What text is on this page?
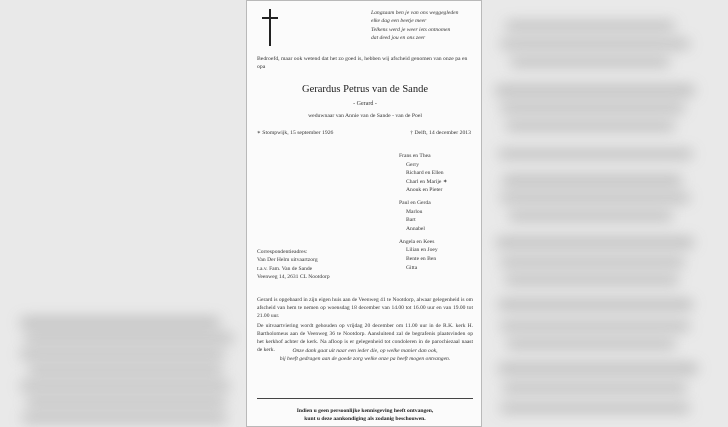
Langzaam ben je van ons weggegleden
elke dag een beetje meer
Telkens werd je weer iets ontnomen
dat deed jou en ons zeer
Bedroefd, maar ook wetend dat het zo goed is, hebben wij afscheid genomen van onze pa en opa
Gerardus Petrus van de Sande
- Gerard -
weduwnaar van Annie van de Sande - van de Poel
∗ Stompwijk, 15 september 1926	† Delft, 14 december 2013
Frans en Thea
Gerry
Richard en Ellen
Charl en Marije ✶
Anouk en Pieter
Paul en Gerda
Marlou
Bart
Annabel
Angela en Kees
Lilian en Joey
Bente en Ben
Gitta
Correspondentieadres:
Van Der Helm uitvaartzorg
t.a.v. Fam. Van de Sande
Veenweg 14, 2631 CL Nootdorp
Gerard is opgebaard in zijn eigen huis aan de Veenweg 41 te Nootdorp, alwaar gelegenheid is om afscheid van hem te nemen op woensdag 18 december van 14.00 tot 16.00 uur en van 19.00 tot 21.00 uur.
De uitvaartviering wordt gehouden op vrijdag 20 december om 11.00 uur in de R.K. kerk H. Bartholomeus aan de Veenweg 36 te Nootdorp. Aansluitend zal de begrafenis plaatsvinden op het kerkhof achter de kerk. Na afloop is er gelegenheid tot condoleren in de parochiezaal naast de kerk.	Onze dank gaat uit naar een ieder die, op welke manier dan ook,
bij heeft gedragen aan de goede zorg welke onze pa heeft mogen ontvangen.
Indien u geen persoonlijke kennisgeving heeft ontvangen,
kunt u deze aankondiging als zodanig beschouwen.
